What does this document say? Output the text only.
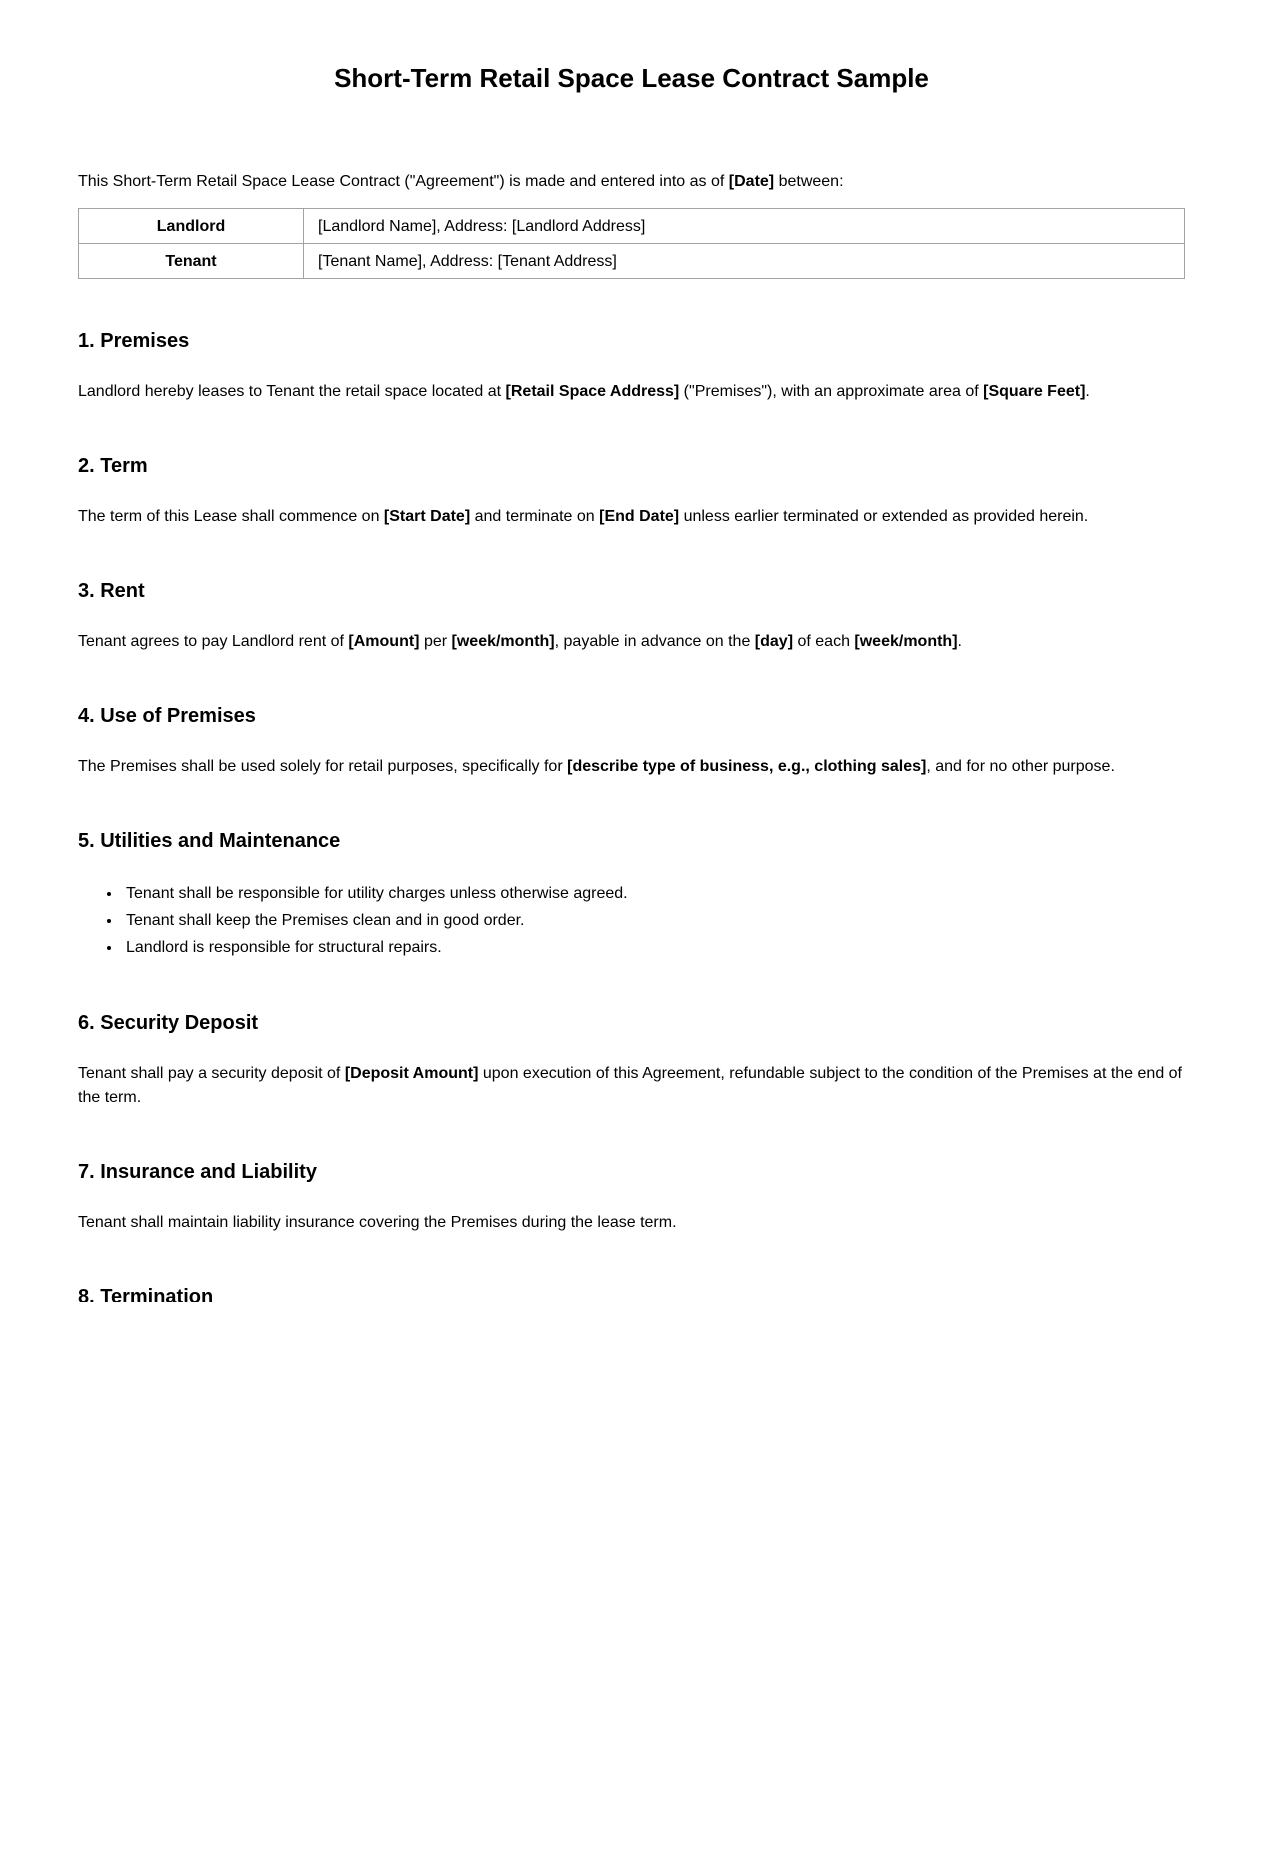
Short-Term Retail Space Lease Contract Sample

This Short-Term Retail Space Lease Contract ("Agreement") is made and entered into as of [Date] between:

Landlord	[Landlord Name], Address: [Landlord Address]
Tenant	[Tenant Name], Address: [Tenant Address]
1. Premises

Landlord hereby leases to Tenant the retail space located at [Retail Space Address] ("Premises"), with an approximate area of [Square Feet].

2. Term

The term of this Lease shall commence on [Start Date] and terminate on [End Date] unless earlier terminated or extended as provided herein.

3. Rent

Tenant agrees to pay Landlord rent of [Amount] per [week/month], payable in advance on the [day] of each [week/month].

4. Use of Premises

The Premises shall be used solely for retail purposes, specifically for [describe type of business, e.g., clothing sales], and for no other purpose.

5. Utilities and Maintenance
• Tenant shall be responsible for utility charges unless otherwise agreed.
• Tenant shall keep the Premises clean and in good order.
• Landlord is responsible for structural repairs.
6. Security Deposit

Tenant shall pay a security deposit of [Deposit Amount] upon execution of this Agreement, refundable subject to the condition of the Premises at the end of the term.

7. Insurance and Liability

Tenant shall maintain liability insurance covering the Premises during the lease term.

8. Termination
